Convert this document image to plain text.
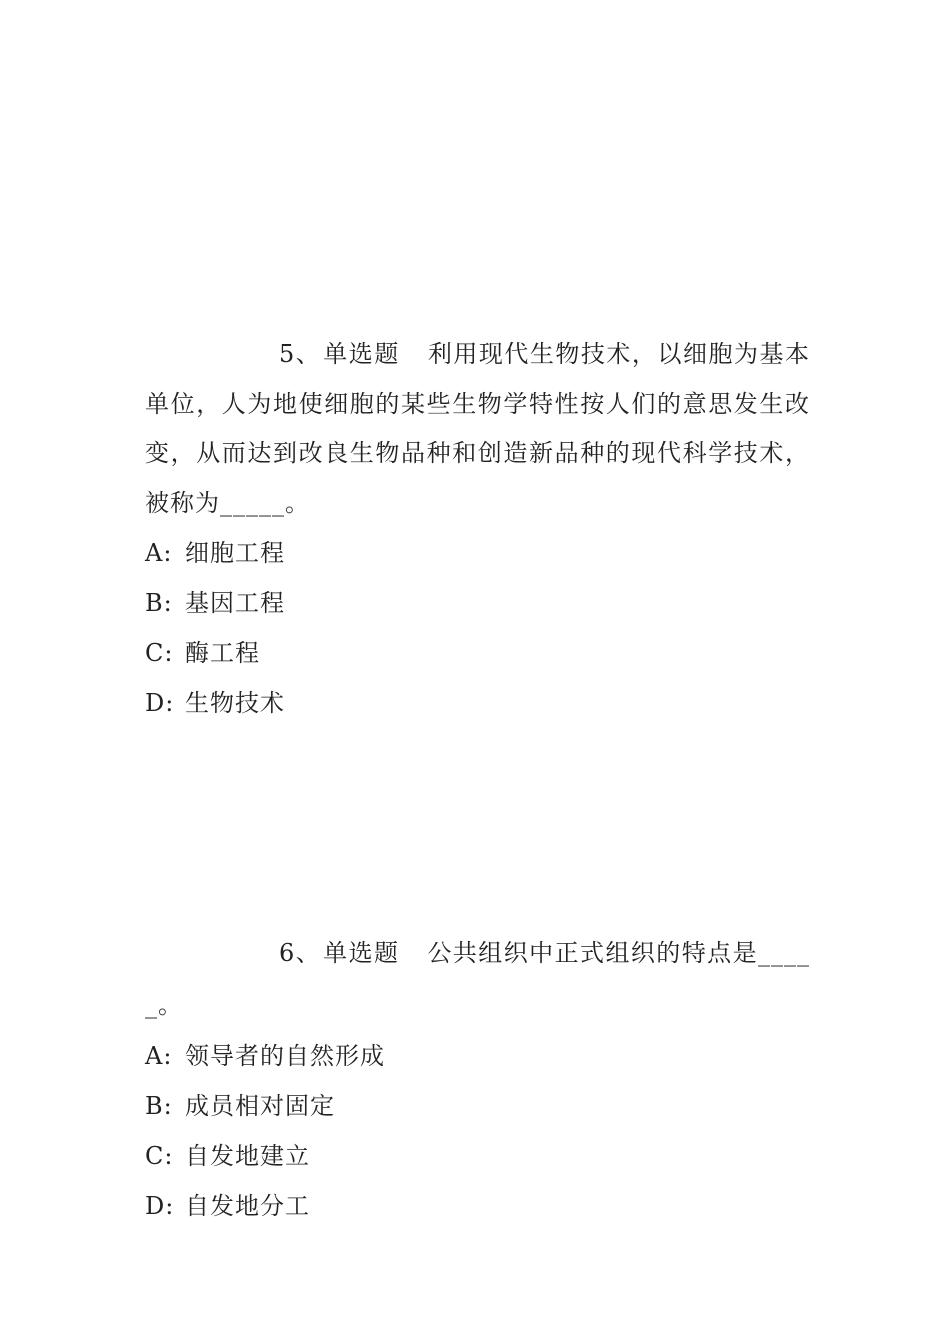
5、单选题 利用现代生物技术，以细胞为基本单位，人为地使细胞的某些生物学特性按人们的意思发生改变，从而达到改良生物品种和创造新品种的现代科学技术，被称为_____。

A: 细胞工程

B: 基因工程

C: 酶工程

D: 生物技术

6、单选题 公共组织中正式组织的特点是_____。

A: 领导者的自然形成

B: 成员相对固定

C: 自发地建立

D: 自发地分工
